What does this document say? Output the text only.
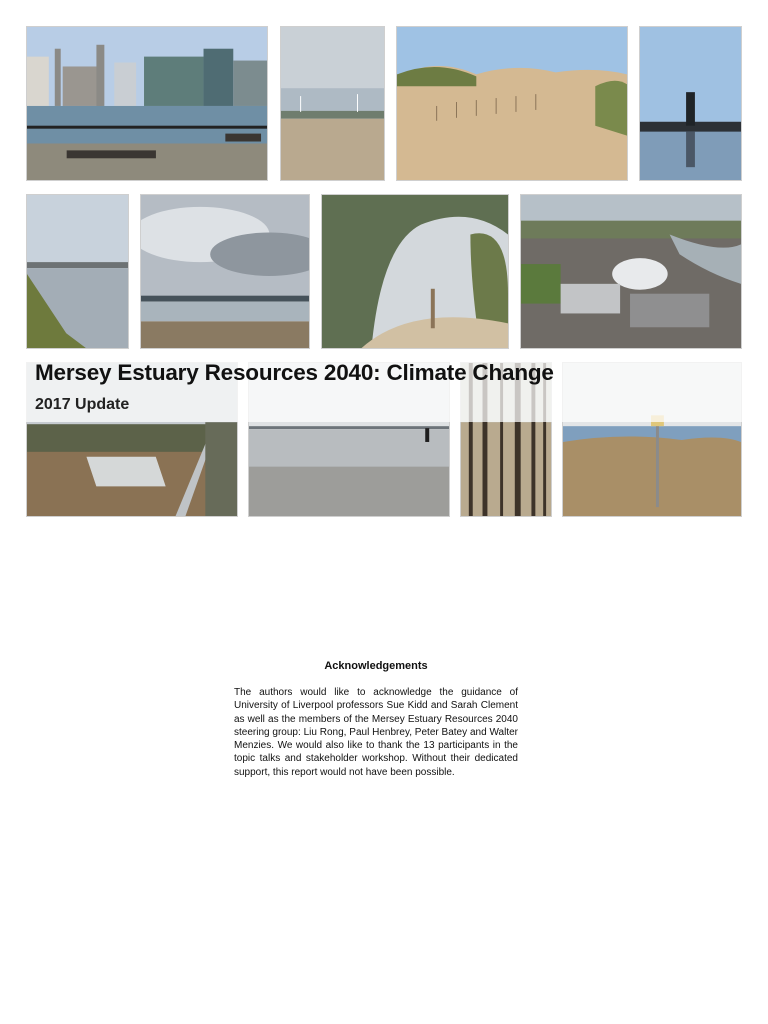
Mersey Estuary Resources 2040: Climate Change
2017 Update
Acknowledgements

The authors would like to acknowledge the guidance of University of Liverpool professors Sue Kidd and Sarah Clement as well as the members of the Mersey Estuary Resources 2040 steering group: Liu Rong, Paul Henbrey, Peter Batey and Walter Menzies. We would also like to thank the 13 participants in the topic talks and stakeholder workshop. Without their dedicated support, this report would not have been possible.
